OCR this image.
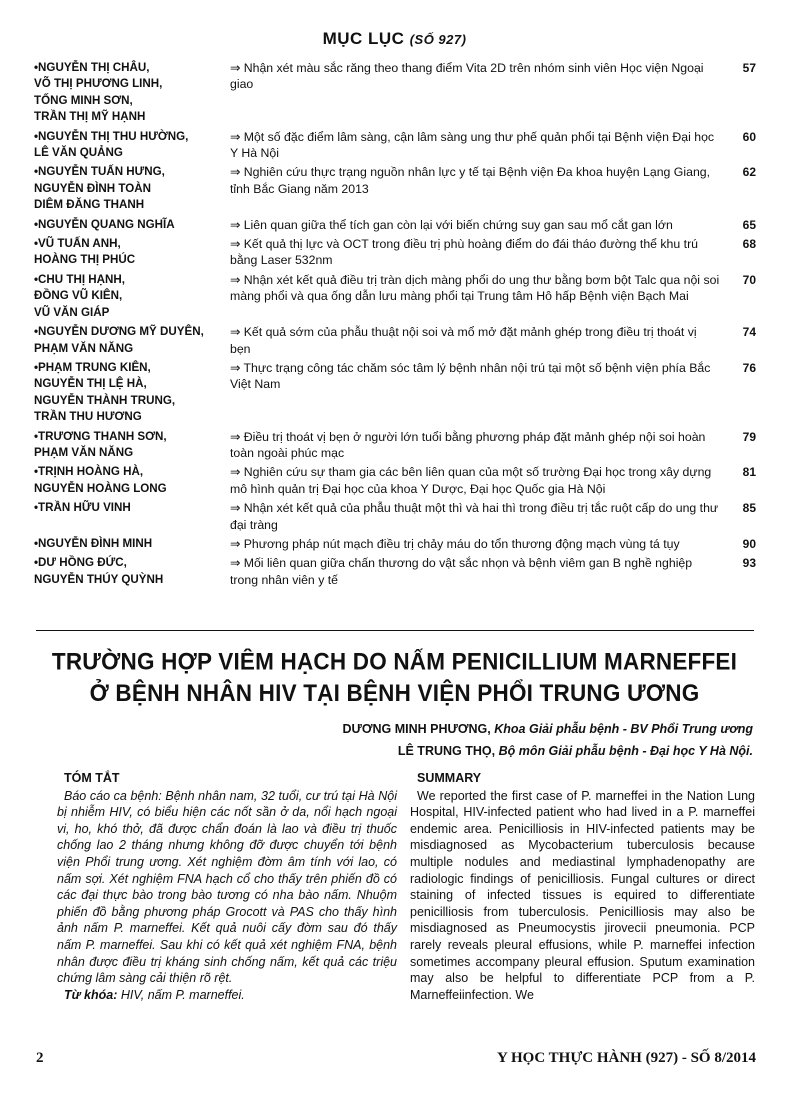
MỤC LỤC (SỐ 927)
•NGUYỄN THỊ CHÂU,
VÕ THỊ PHƯƠNG LINH,
TỐNG MINH SƠN,
TRẦN THỊ MỸ HẠNH
⇒ Nhận xét màu sắc răng theo thang điểm Vita 2D trên nhóm sinh viên Học viện Ngoại giao
57
•NGUYỄN THỊ THU HƯỜNG,
LÊ VĂN QUẢNG
⇒ Một số đặc điểm lâm sàng, cận lâm sàng ung thư phế quản phổi tại Bệnh viện Đại học Y Hà Nội
60
•NGUYỄN TUẤN HƯNG,
NGUYỄN ĐÌNH TOÀN
DIÊM ĐĂNG THANH
⇒ Nghiên cứu thực trạng nguồn nhân lực y tế tại Bệnh viện Đa khoa huyện Lạng Giang, tỉnh Bắc Giang năm 2013
62
•NGUYỄN QUANG NGHĨA	⇒ Liên quan giữa thể tích gan còn lại với biến chứng suy gan sau mổ cắt gan lớn	65
•VŨ TUẤN ANH,
HOÀNG THỊ PHÚC
⇒ Kết quả thị lực và OCT trong điều trị phù hoàng điểm do đái tháo đường thể khu trú bằng Laser 532nm
68
•CHU THỊ HẠNH,
ĐỒNG VŨ KIÊN,
VŨ VĂN GIÁP
⇒ Nhận xét kết quả điều trị tràn dịch màng phổi do ung thư bằng bơm bột Talc qua nội soi màng phổi và qua ống dẫn lưu màng phổi tại Trung tâm Hô hấp Bệnh viện Bạch Mai
70
•NGUYỄN DƯƠNG MỸ DUYÊN,
PHẠM VĂN NĂNG
⇒ Kết quả sớm của phẫu thuật nội soi và mổ mở đặt mảnh ghép trong điều trị thoát vị bẹn
74
•PHẠM TRUNG KIÊN,
NGUYỄN THỊ LỆ HÀ,
NGUYỄN THÀNH TRUNG,
TRẦN THU HƯƠNG
⇒ Thực trạng công tác chăm sóc tâm lý bệnh nhân nội trú tại một số bệnh viện phía Bắc Việt Nam
76
•TRƯƠNG THANH SƠN,
PHẠM VĂN NĂNG
⇒ Điều trị thoát vị bẹn ở người lớn tuổi bằng phương pháp đặt mảnh ghép nội soi hoàn toàn ngoài phúc mạc
79
•TRỊNH HOÀNG HÀ,
NGUYỄN HOÀNG LONG
⇒ Nghiên cứu sự tham gia các bên liên quan của một số trường Đại học trong xây dựng mô hình quản trị Đại học của khoa Y Dược, Đại học Quốc gia Hà Nội
81
•TRẦN HỮU VINH	⇒ Nhận xét kết quả của phẫu thuật một thì và hai thì trong điều trị tắc ruột cấp do ung thư đại tràng
85
•NGUYỄN ĐÌNH MINH	⇒ Phương pháp nút mạch điều trị chảy máu do tổn thương động mạch vùng tá tụy	90
•DƯ HỒNG ĐỨC,
NGUYỄN THÚY QUỲNH
⇒ Mối liên quan giữa chấn thương do vật sắc nhọn và bệnh viêm gan B nghề nghiệp trong nhân viên y tế
93
TRƯỜNG HỢP VIÊM HẠCH DO NẤM PENICILLIUM MARNEFFEI
Ở BỆNH NHÂN HIV TẠI BỆNH VIỆN PHỔI TRUNG ƯƠNG
DƯƠNG MINH PHƯƠNG, Khoa Giải phẫu bệnh - BV Phổi Trung ương
LÊ TRUNG THỌ, Bộ môn Giải phẫu bệnh - Đại học Y Hà Nội.
TÓM TẮT
Báo cáo ca bệnh: Bệnh nhân nam, 32 tuổi, cư trú tại Hà Nội bị nhiễm HIV, có biểu hiện các nốt sần ở da, nổi hạch ngoại vi, ho, khó thở, đã được chẩn đoán là lao và điều trị thuốc chống lao 2 tháng nhưng không đỡ được chuyển tới bệnh viện Phổi trung ương. Xét nghiệm đờm âm tính với lao, có nấm sợi. Xét nghiệm FNA hạch cổ cho thấy trên phiến đồ có các đại thực bào trong bào tương có nha bào nấm. Nhuộm phiến đồ bằng phương pháp Grocott và PAS cho thấy hình ảnh nấm P. marneffei. Kết quả nuôi cấy đờm sau đó thấy nấm P. marneffei. Sau khi có kết quả xét nghiệm FNA, bệnh nhân được điều trị kháng sinh chống nấm, kết quả các triệu chứng lâm sàng cải thiện rõ rệt.
Từ khóa: HIV, nấm P. marneffei.
SUMMARY
We reported the first case of P. marneffei in the Nation Lung Hospital, HIV-infected patient who had lived in a P. marneffei endemic area. Penicilliosis in HIV-infected patients may be misdiagnosed as Mycobacterium tuberculosis because multiple nodules and mediastinal lymphadenopathy are radiologic findings of penicilliosis. Fungal cultures or direct staining of infected tissues is equired to differentiate penicilliosis from tuberculosis. Penicilliosis may also be misdiagnosed as Pneumocystis jirovecii pneumonia. PCP rarely reveals pleural effusions, while P. marneffei infection sometimes accompany pleural effusion. Sputum examination may also be helpful to differentiate PCP from a P. Marneffeiinfection. We
2	Y HỌC THỰC HÀNH (927) - SỐ 8/2014
